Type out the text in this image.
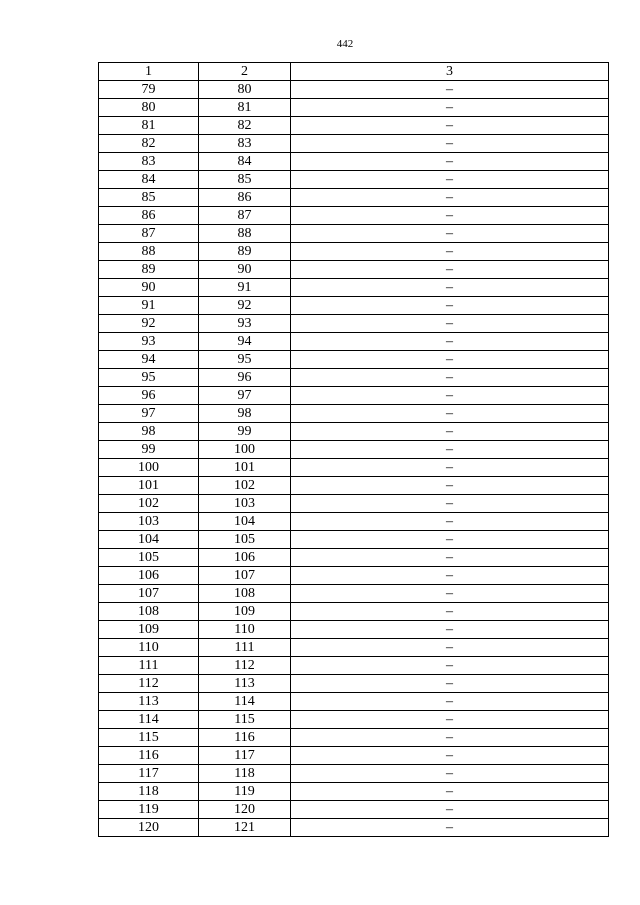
442
1	2	3
79	80	–
80	81	–
81	82	–
82	83	–
83	84	–
84	85	–
85	86	–
86	87	–
87	88	–
88	89	–
89	90	–
90	91	–
91	92	–
92	93	–
93	94	–
94	95	–
95	96	–
96	97	–
97	98	–
98	99	–
99	100	–
100	101	–
101	102	–
102	103	–
103	104	–
104	105	–
105	106	–
106	107	–
107	108	–
108	109	–
109	110	–
110	111	–
111	112	–
112	113	–
113	114	–
114	115	–
115	116	–
116	117	–
117	118	–
118	119	–
119	120	–
120	121	–
